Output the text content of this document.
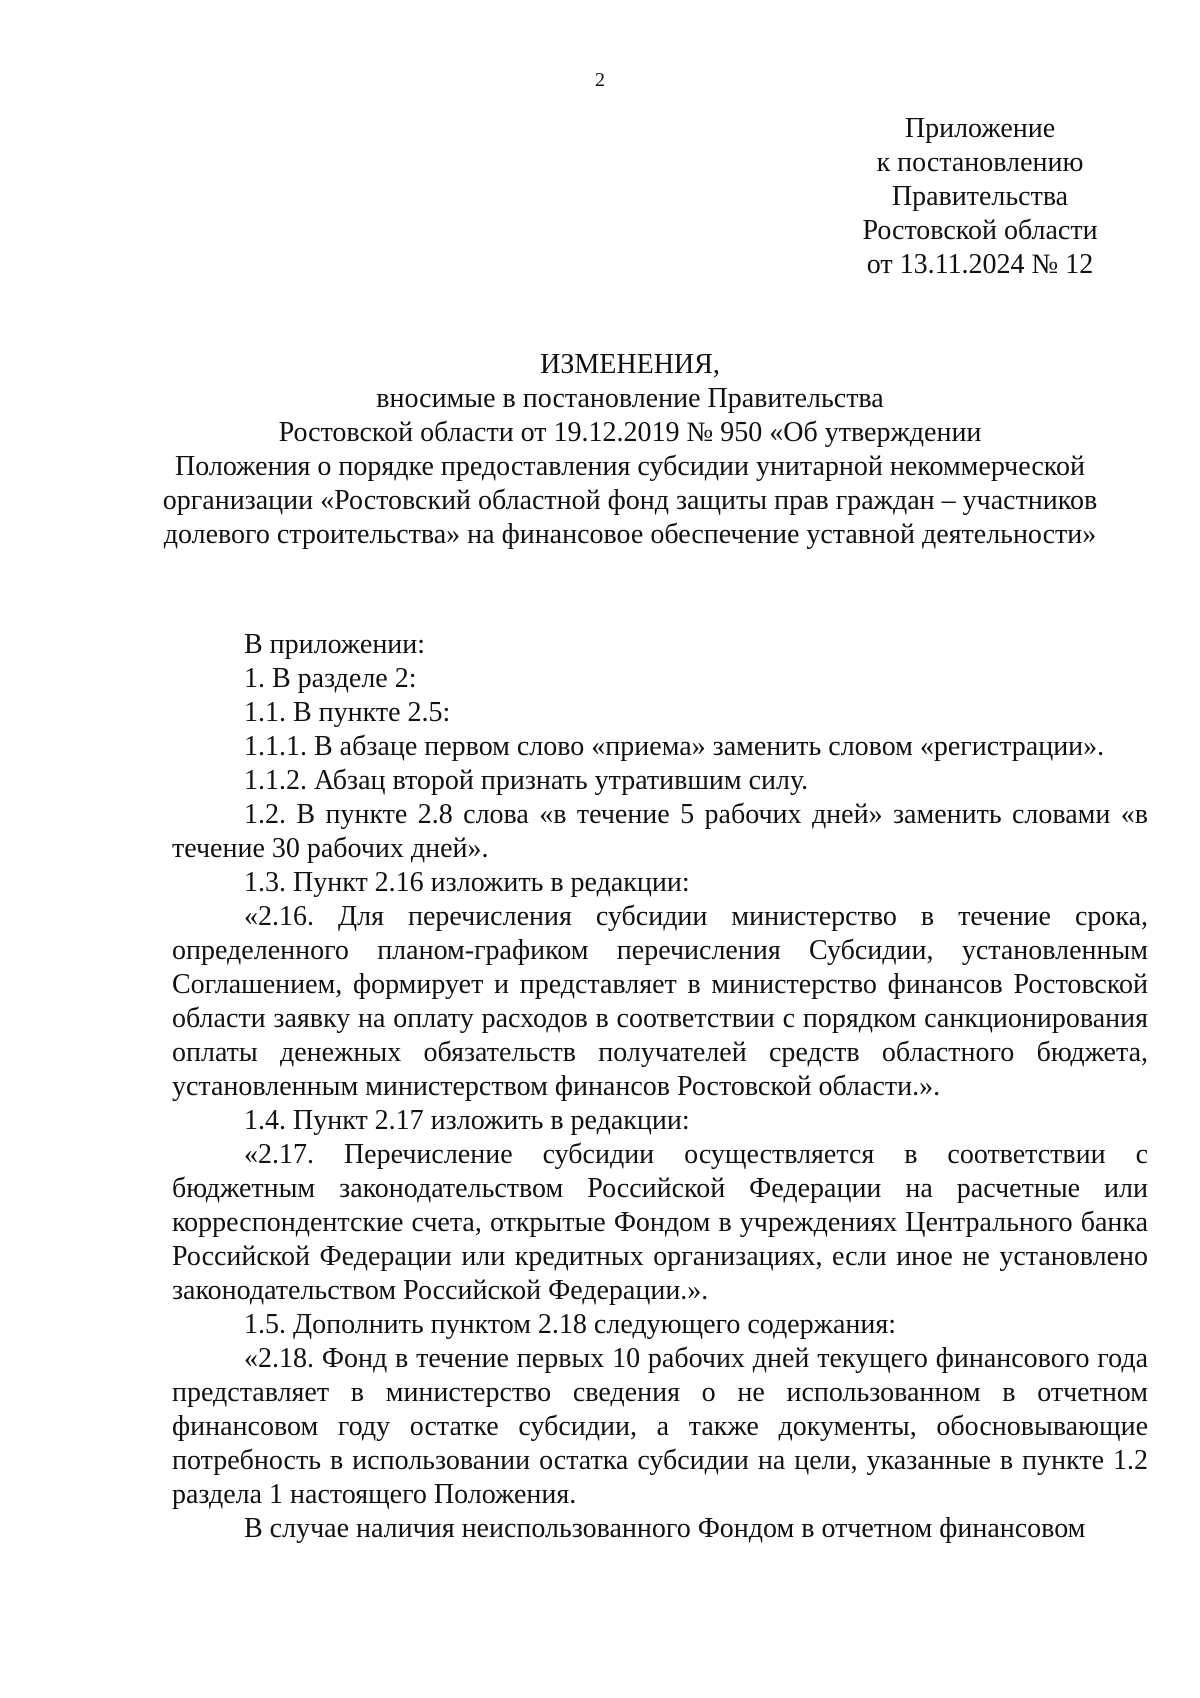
2
Приложение
к постановлению
Правительства
Ростовской области
от 13.11.2024 № 12
ИЗМЕНЕНИЯ,
вносимые в постановление Правительства
Ростовской области от 19.12.2019 № 950 «Об утверждении
Положения о порядке предоставления субсидии унитарной некоммерческой
организации «Ростовский областной фонд защиты прав граждан – участников
долевого строительства» на финансовое обеспечение уставной деятельности»

В приложении:

1. В разделе 2:

1.1. В пункте 2.5:

1.1.1. В абзаце первом слово «приема» заменить словом «регистрации».

1.1.2. Абзац второй признать утратившим силу.

1.2. В пункте 2.8 слова «в течение 5 рабочих дней» заменить словами «в течение 30 рабочих дней».

1.3. Пункт 2.16 изложить в редакции:

«2.16. Для перечисления субсидии министерство в течение срока, определенного планом-графиком перечисления Субсидии, установленным Соглашением, формирует и представляет в министерство финансов Ростовской области заявку на оплату расходов в соответствии с порядком санкционирования оплаты денежных обязательств получателей средств областного бюджета, установленным министерством финансов Ростовской области.».

1.4. Пункт 2.17 изложить в редакции:

«2.17. Перечисление субсидии осуществляется в соответствии с бюджетным законодательством Российской Федерации на расчетные или корреспондентские счета, открытые Фондом в учреждениях Центрального банка Российской Федерации или кредитных организациях, если иное не установлено законодательством Российской Федерации.».

1.5. Дополнить пунктом 2.18 следующего содержания:

«2.18. Фонд в течение первых 10 рабочих дней текущего финансового года представляет в министерство сведения о не использованном в отчетном финансовом году остатке субсидии, а также документы, обосновывающие потребность в использовании остатка субсидии на цели, указанные в пункте 1.2 раздела 1 настоящего Положения.

В случае наличия неиспользованного Фондом в отчетном финансовом
